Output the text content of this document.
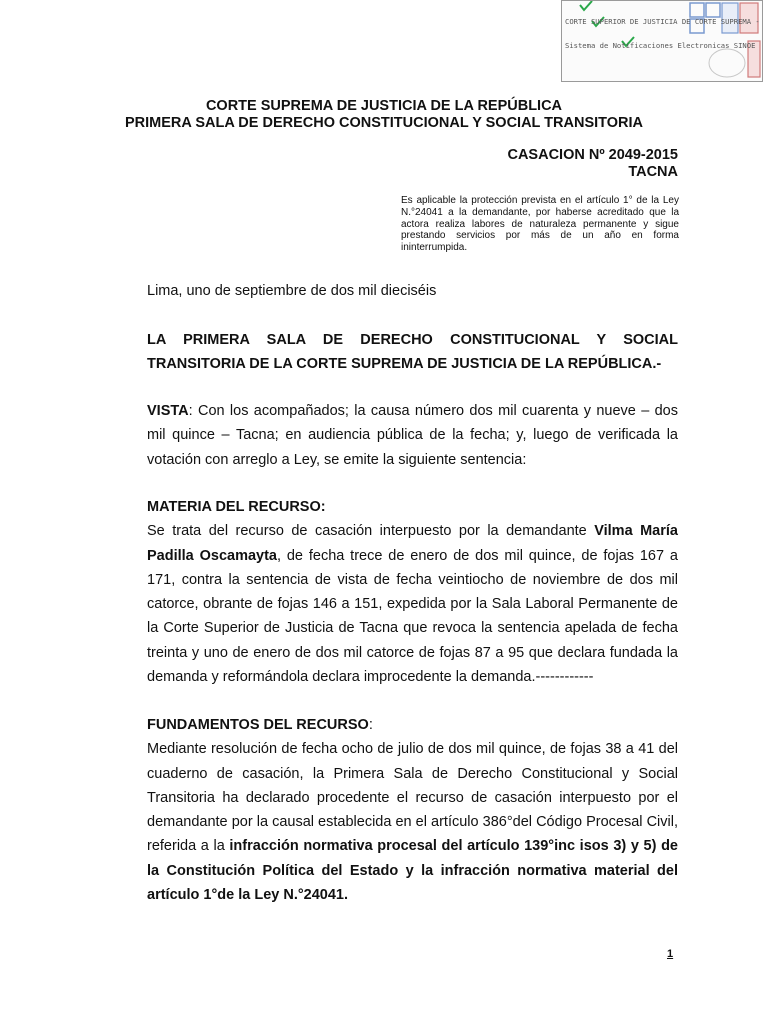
CORTE SUPERIOR DE JUSTICIA DE CORTE SUPREMA -

Sistema de Notificaciones Electronicas SINOE

CORTE SUPREMA DE JUSTICIA DE LA REPÚBLICA
PRIMERA SALA DE DERECHO CONSTITUCIONAL Y SOCIAL TRANSITORIA
CASACION Nº 2049-2015
TACNA
Es aplicable la protección prevista en el artículo 1° de la Ley N.°24041 a la demandante, por haberse acreditado que la actora realiza labores de naturaleza permanente y sigue prestando servicios por más de un año en forma ininterrumpida.
Lima, uno de septiembre de dos mil dieciséis

LA PRIMERA SALA DE DERECHO CONSTITUCIONAL Y SOCIAL

TRANSITORIA DE LA CORTE SUPREMA DE JUSTICIA DE LA REPÚBLICA.-

VISTA: Con los acompañados; la causa número dos mil cuarenta y nueve – dos mil quince – Tacna; en audiencia pública de la fecha; y, luego de verificada la votación con arreglo a Ley, se emite la siguiente sentencia:

MATERIA DEL RECURSO:

Se trata del recurso de casación interpuesto por la demandante Vilma María Padilla Oscamayta, de fecha trece de enero de dos mil quince, de fojas 167 a 171, contra la sentencia de vista de fecha veintiocho de noviembre de dos mil catorce, obrante de fojas 146 a 151, expedida por la Sala Laboral Permanente de la Corte Superior de Justicia de Tacna que revoca la sentencia apelada de fecha treinta y uno de enero de dos mil catorce de fojas 87 a 95 que declara fundada la demanda y reformándola declara improcedente la demanda.------------

FUNDAMENTOS DEL RECURSO:

Mediante resolución de fecha ocho de julio de dos mil quince, de fojas 38 a 41 del cuaderno de casación, la Primera Sala de Derecho Constitucional y Social Transitoria ha declarado procedente el recurso de casación interpuesto por el demandante por la causal establecida en el artículo 386°del Código Procesal Civil, referida a la infracción normativa procesal del artículo 139°inc isos 3) y 5) de la Constitución Política del Estado y la infracción normativa material del artículo 1°de la Ley N.°24041.

1
